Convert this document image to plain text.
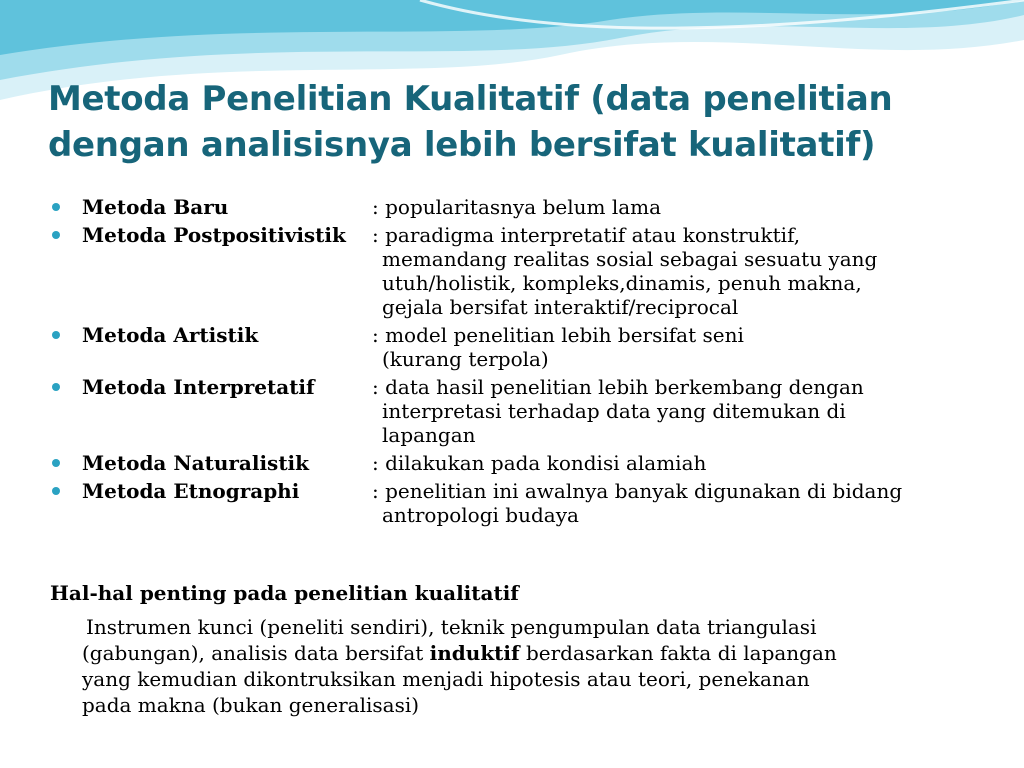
Metoda Penelitian Kualitatif (data penelitian
dengan analisisnya lebih bersifat kualitatif)
Metoda Baru	: popularitasnya belum lama
Metoda Postpositivistik : paradigma interpretatif atau konstruktif,
memandang realitas sosial sebagai sesuatu yang
utuh/holistik, kompleks,dinamis, penuh makna,
gejala bersifat interaktif/reciprocal
Metoda Artistik	: model penelitian lebih bersifat seni
(kurang terpola)
Metoda Interpretatif	: data hasil penelitian lebih berkembang dengan
interpretasi terhadap data yang ditemukan di
lapangan
Metoda Naturalistik	: dilakukan pada kondisi alamiah
Metoda Etnographi	: penelitian ini awalnya banyak digunakan di bidang
antropologi budaya
Hal-hal penting pada penelitian kualitatif
Instrumen kunci (peneliti sendiri), teknik pengumpulan data triangulasi
(gabungan), analisis data bersifat induktif berdasarkan fakta di lapangan
yang kemudian dikontruksikan menjadi hipotesis atau teori, penekanan
pada makna (bukan generalisasi)
